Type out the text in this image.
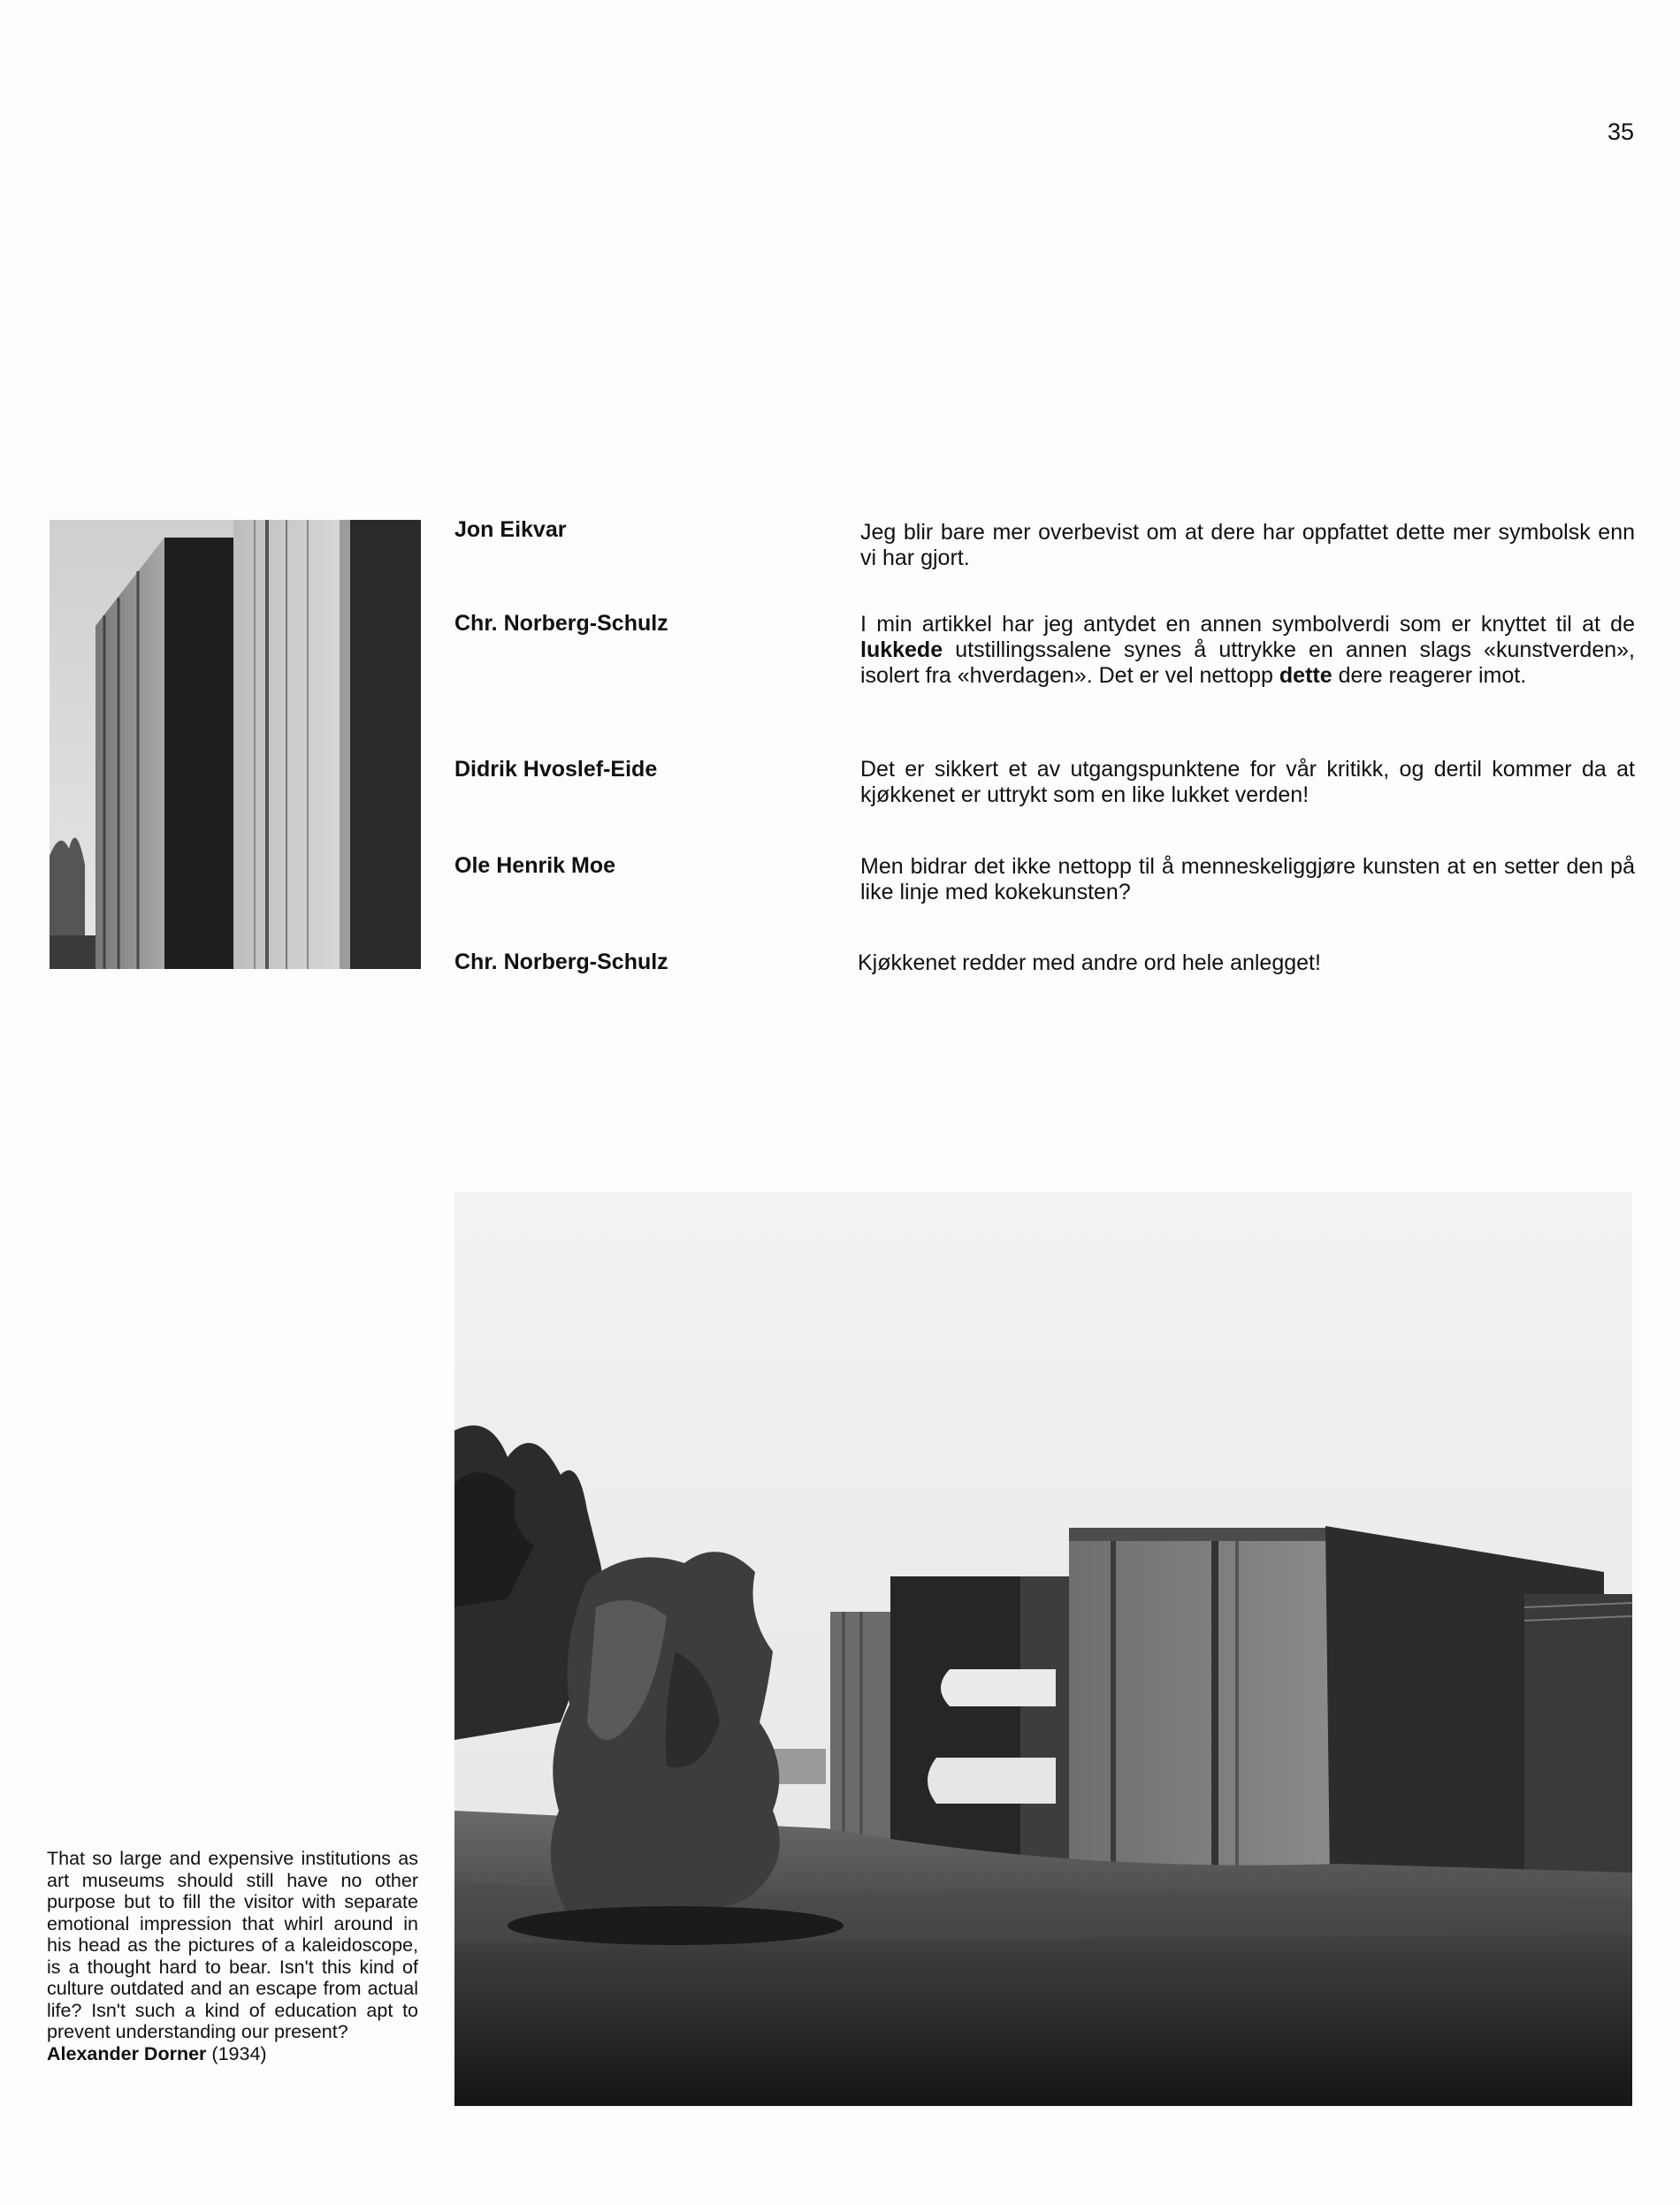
35
Jon Eikvar	Jeg blir bare mer overbevist om at dere har oppfattet dette mer symbolsk enn vi har gjort.
Chr. Norberg-Schulz	I min artikkel har jeg antydet en annen symbolverdi som er knyttet til at de lukkede utstillingssalene synes å uttrykke en annen slags «kunstverden», isolert fra «hverdagen». Det er vel nettopp dette dere reagerer imot.
Didrik Hvoslef-Eide	Det er sikkert et av utgangspunktene for vår kritikk, og dertil kommer da at kjøkkenet er uttrykt som en like lukket verden!
Ole Henrik Moe	Men bidrar det ikke nettopp til å menneskeliggjøre kunsten at en setter den på like linje med kokekunsten?
Chr. Norberg-Schulz	Kjøkkenet redder med andre ord hele anlegget!
That so large and expensive institutions as art museums should still have no other purpose but to fill the visitor with separate emotional impression that whirl around in his head as the pictures of a kaleidoscope, is a thought hard to bear. Isn't this kind of culture outdated and an escape from actual life? Isn't such a kind of education apt to prevent understanding our present?
Alexander Dorner (1934)
